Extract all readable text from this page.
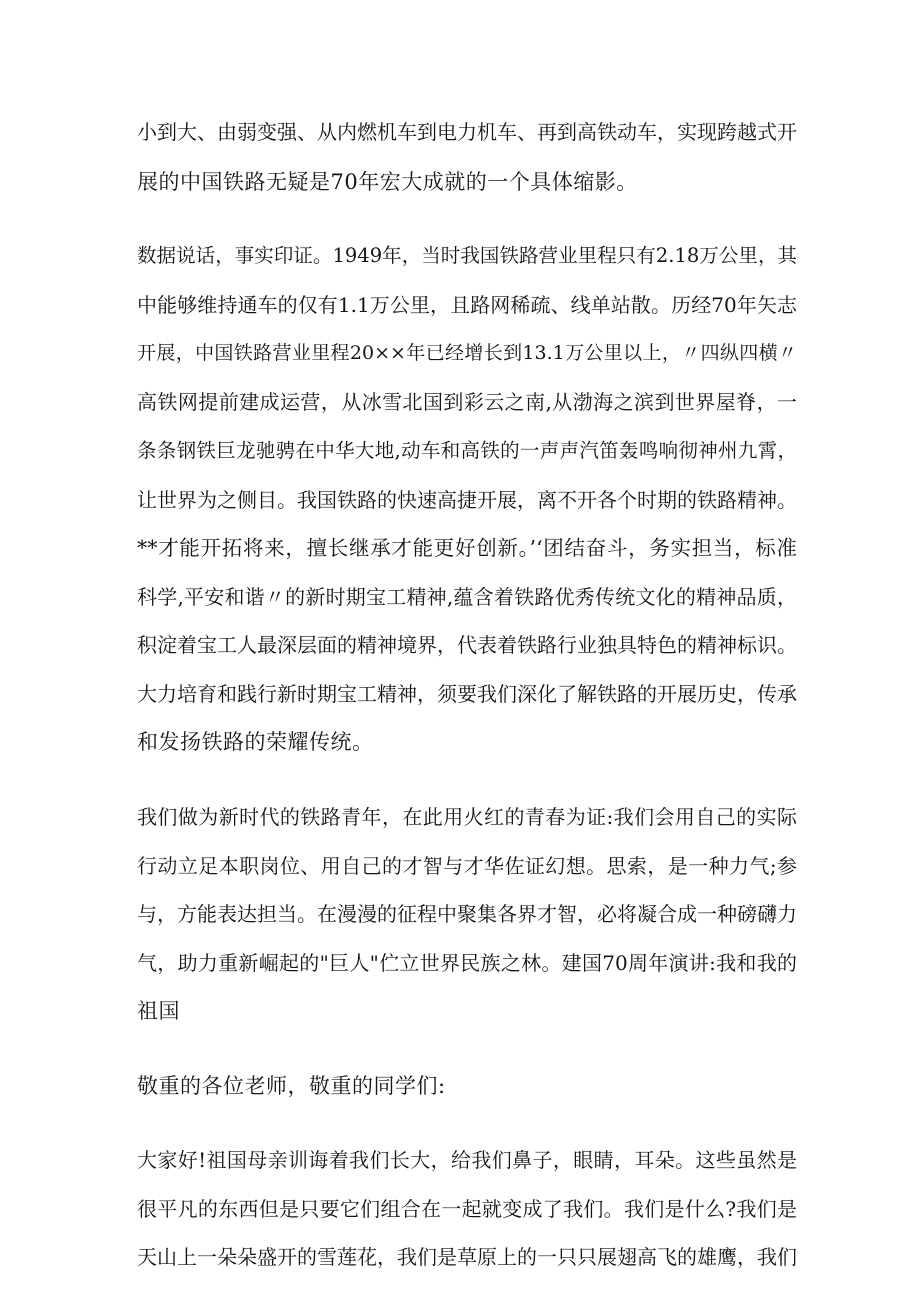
小到大、由弱变强、从内燃机车到电力机车、再到高铁动车，实现跨越式开
展的中国铁路无疑是70年宏大成就的一个具体缩影。
数据说话，事实印证。1949年，当时我国铁路营业里程只有2.18万公里，其
中能够维持通车的仅有1.1万公里，且路网稀疏、线单站散。历经70年矢志
开展，中国铁路营业里程20××年已经增长到13.1万公里以上，〃四纵四横〃
高铁网提前建成运营，从冰雪北国到彩云之南,从渤海之滨到世界屋脊，一
条条钢铁巨龙驰骋在中华大地,动车和高铁的一声声汽笛轰鸣响彻神州九霄，
让世界为之侧目。我国铁路的快速高捷开展，离不开各个时期的铁路精神。
**才能开拓将来，擅长继承才能更好创新。’‘团结奋斗，务实担当，标准
科学,平安和谐〃的新时期宝工精神,蕴含着铁路优秀传统文化的精神品质，
积淀着宝工人最深层面的精神境界，代表着铁路行业独具特色的精神标识。
大力培育和践行新时期宝工精神，须要我们深化了解铁路的开展历史，传承
和发扬铁路的荣耀传统。
我们做为新时代的铁路青年，在此用火红的青春为证:我们会用自己的实际
行动立足本职岗位、用自己的才智与才华佐证幻想。思索，是一种力气;参
与，方能表达担当。在漫漫的征程中聚集各界才智，必将凝合成一种磅礴力
气，助力重新崛起的"巨人"伫立世界民族之林。建国70周年演讲:我和我的
祖国
敬重的各位老师，敬重的同学们:
大家好!祖国母亲训诲着我们长大，给我们鼻子，眼睛，耳朵。这些虽然是
很平凡的东西但是只要它们组合在一起就变成了我们。我们是什么?我们是
天山上一朵朵盛开的雪莲花，我们是草原上的一只只展翅高飞的雄鹰，我们
